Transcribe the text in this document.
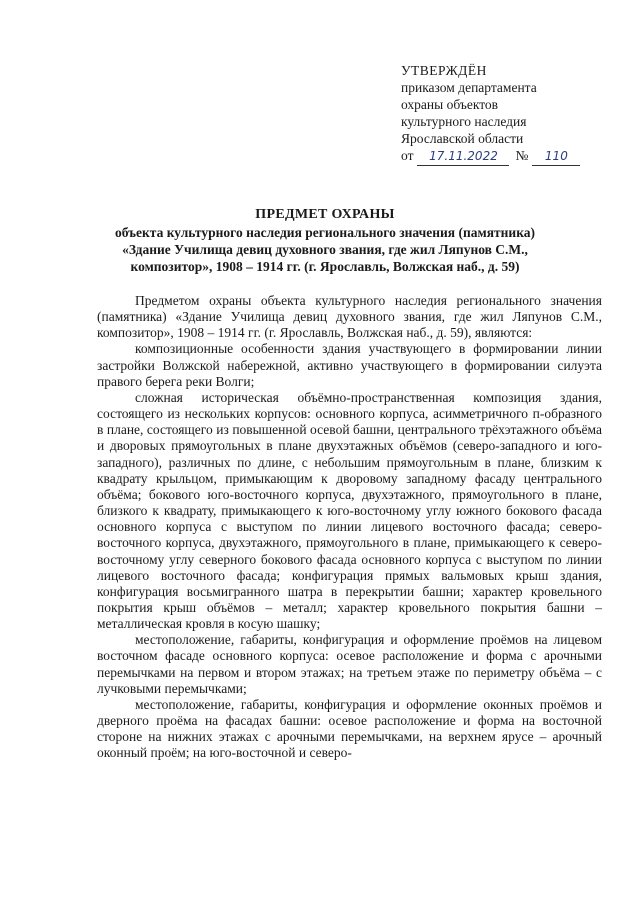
УТВЕРЖДЁН
приказом департамента
охраны объектов
культурного наследия
Ярославской области
от	17.11.2022	№	110
ПРЕДМЕТ ОХРАНЫ
объекта культурного наследия регионального значения (памятника)
«Здание Училища девиц духовного звания, где жил Ляпунов С.М.,
композитор», 1908 – 1914 гг. (г. Ярославль, Волжская наб., д. 59)

Предметом охраны объекта культурного наследия регионального значения (памятника) «Здание Училища девиц духовного звания, где жил Ляпунов С.М., композитор», 1908 – 1914 гг. (г. Ярославль, Волжская наб., д. 59), являются:

композиционные особенности здания участвующего в формировании линии застройки Волжской набережной, активно участвующего в формировании силуэта правого берега реки Волги;

сложная историческая объёмно-пространственная композиция здания, состоящего из нескольких корпусов: основного корпуса, асимметричного п-образного в плане, состоящего из повышенной осевой башни, центрального трёхэтажного объёма и дворовых прямоугольных в плане двухэтажных объёмов (северо-западного и юго-западного), различных по длине, с небольшим прямоугольным в плане, близким к квадрату крыльцом, примыкающим к дворовому западному фасаду центрального объёма; бокового юго-восточного корпуса, двухэтажного, прямоугольного в плане, близкого к квадрату, примыкающего к юго-восточному углу южного бокового фасада основного корпуса с выступом по линии лицевого восточного фасада; северо-восточного корпуса, двухэтажного, прямоугольного в плане, примыкающего к северо-восточному углу северного бокового фасада основного корпуса с выступом по линии лицевого восточного фасада; конфигурация прямых вальмовых крыш здания, конфигурация восьмигранного шатра в перекрытии башни; характер кровельного покрытия крыш объёмов – металл; характер кровельного покрытия башни – металлическая кровля в косую шашку;

местоположение, габариты, конфигурация и оформление проёмов на лицевом восточном фасаде основного корпуса: осевое расположение и форма с арочными перемычками на первом и втором этажах; на третьем этаже по периметру объёма – с лучковыми перемычками;

местоположение, габариты, конфигурация и оформление оконных проёмов и дверного проёма на фасадах башни: осевое расположение и форма на восточной стороне на нижних этажах с арочными перемычками, на верхнем ярусе – арочный оконный проём; на юго-восточной и северо-
